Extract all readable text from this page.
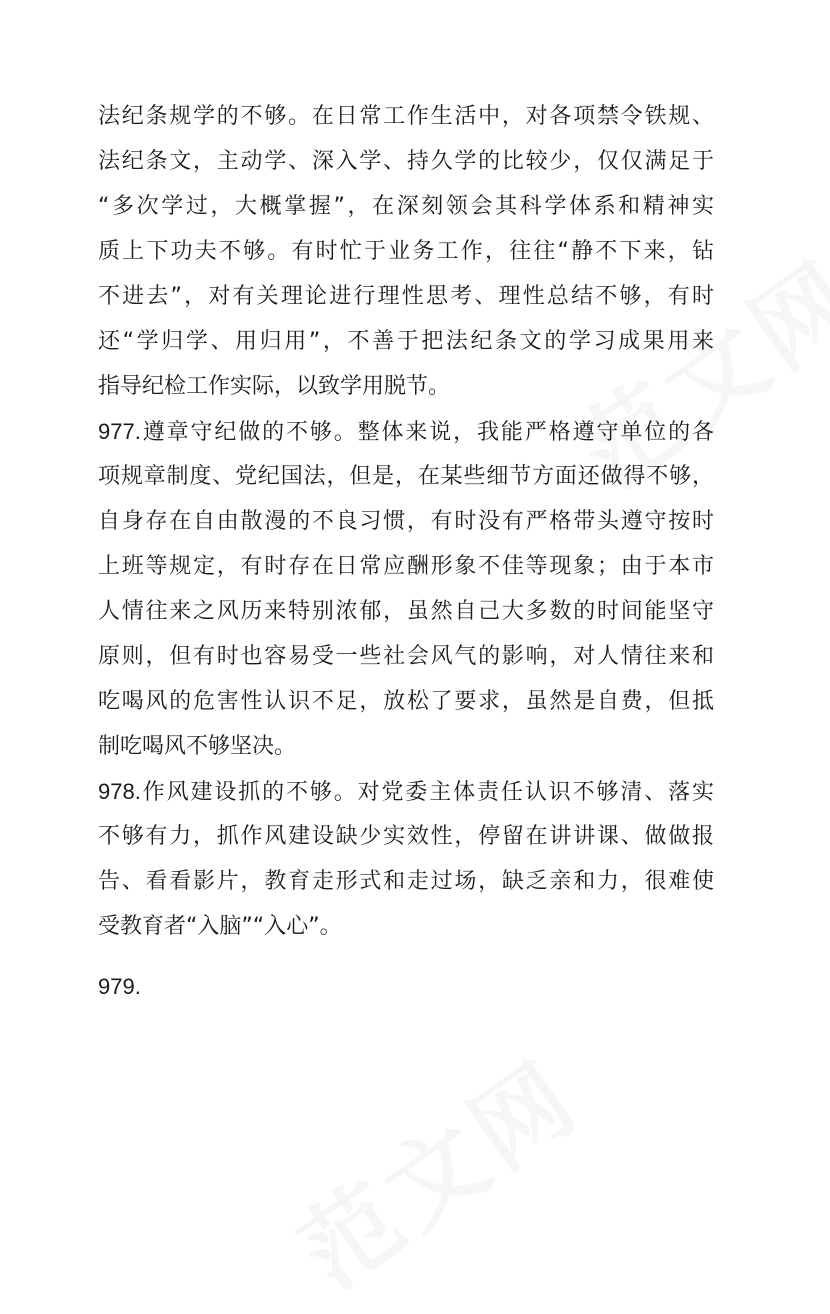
法纪条规学的不够。在日常工作生活中，对各项禁令铁规、
法纪条文，主动学、深入学、持久学的比较少，仅仅满足于
“多次学过，大概掌握”，在深刻领会其科学体系和精神实
质上下功夫不够。有时忙于业务工作，往往“静不下来，钻
不进去”，对有关理论进行理性思考、理性总结不够，有时
还“学归学、用归用”，不善于把法纪条文的学习成果用来
指导纪检工作实际，以致学用脱节。
977.遵章守纪做的不够。整体来说，我能严格遵守单位的各
项规章制度、党纪国法，但是，在某些细节方面还做得不够，
自身存在自由散漫的不良习惯，有时没有严格带头遵守按时
上班等规定，有时存在日常应酬形象不佳等现象；由于本市
人情往来之风历来特别浓郁，虽然自己大多数的时间能坚守
原则，但有时也容易受一些社会风气的影响，对人情往来和
吃喝风的危害性认识不足，放松了要求，虽然是自费，但抵
制吃喝风不够坚决。
978.作风建设抓的不够。对党委主体责任认识不够清、落实
不够有力，抓作风建设缺少实效性，停留在讲讲课、做做报
告、看看影片，教育走形式和走过场，缺乏亲和力，很难使
受教育者“入脑”“入心”。
979.
